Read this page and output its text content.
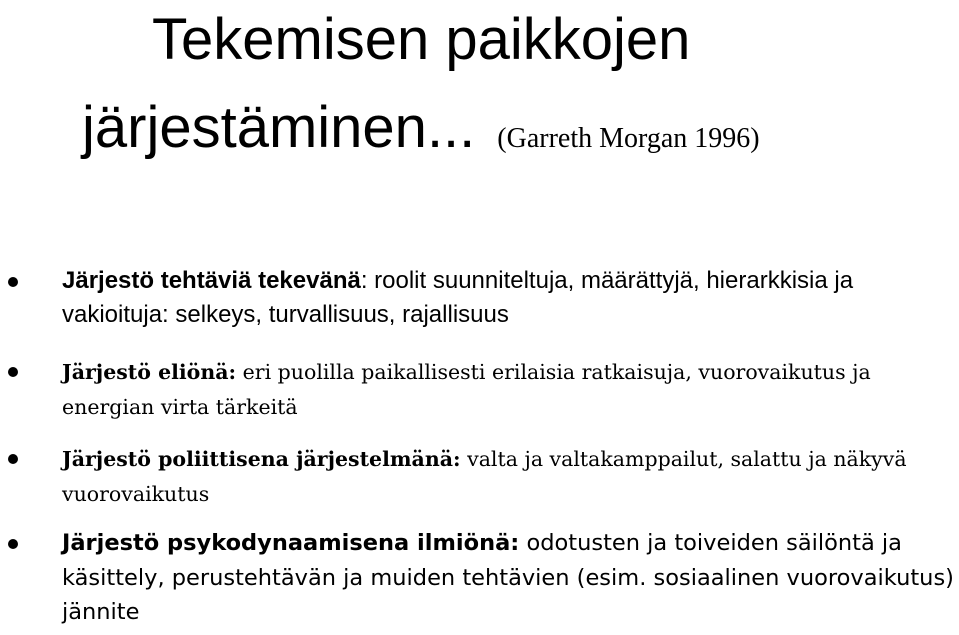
Tekemisen paikkojen
järjestäminen... (Garreth Morgan 1996)
Järjestö tehtäviä tekevänä: roolit suunniteltuja, määrättyjä, hierarkkisia ja vakioituja: selkeys, turvallisuus, rajallisuus
Järjestö eliönä: eri puolilla paikallisesti erilaisia ratkaisuja, vuorovaikutus ja energian virta tärkeitä
Järjestö poliittisena järjestelmänä: valta ja valtakamppailut, salattu ja näkyvä vuorovaikutus
Järjestö psykodynaamisena ilmiönä: odotusten ja toiveiden säilöntä ja käsittely, perustehtävän ja muiden tehtävien (esim. sosiaalinen vuorovaikutus) jännite
